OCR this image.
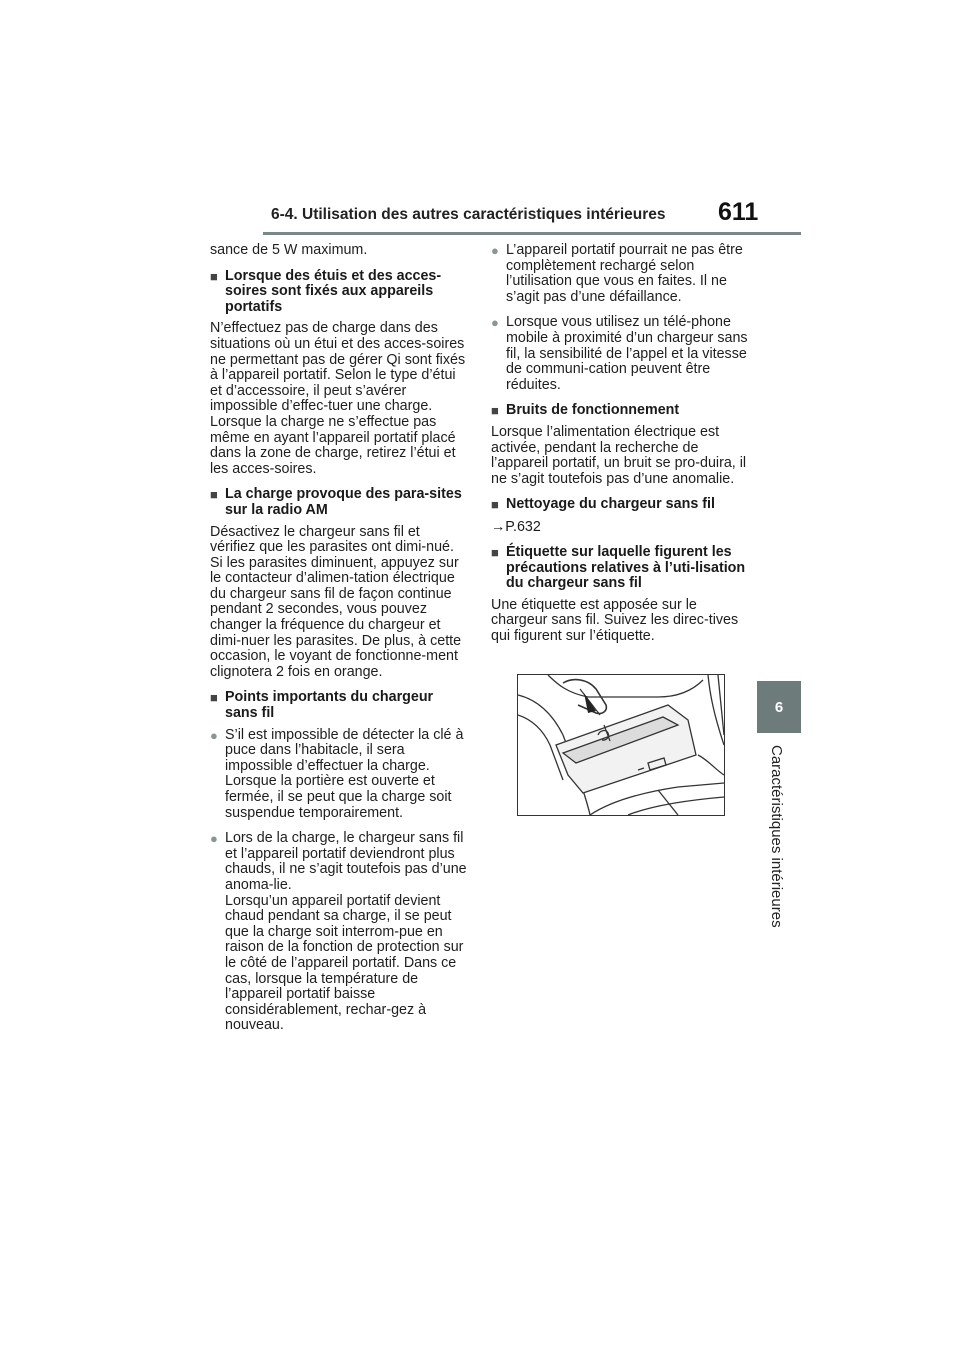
6-4. Utilisation des autres caractéristiques intérieures	611
6
Caractéristiques intérieures

sance de 5 W maximum.

■ Lorsque des étuis et des acces-soires sont fixés aux appareils portatifs

N’effectuez pas de charge dans des situations où un étui et des acces-soires ne permettant pas de gérer Qi sont fixés à l’appareil portatif. Selon le type d’étui et d’accessoire, il peut s’avérer impossible d’effec-tuer une charge. Lorsque la charge ne s’effectue pas même en ayant l’appareil portatif placé dans la zone de charge, retirez l’étui et les acces-soires.

■ La charge provoque des para-sites sur la radio AM

Désactivez le chargeur sans fil et vérifiez que les parasites ont dimi-nué. Si les parasites diminuent, appuyez sur le contacteur d’alimen-tation électrique du chargeur sans fil de façon continue pendant 2 secondes, vous pouvez changer la fréquence du chargeur et dimi-nuer les parasites. De plus, à cette occasion, le voyant de fonctionne-ment clignotera 2 fois en orange.

■ Points importants du chargeur sans fil
● S’il est impossible de détecter la clé à puce dans l’habitacle, il sera impossible d’effectuer la charge. Lorsque la portière est ouverte et fermée, il se peut que la charge soit suspendue temporairement.
● Lors de la charge, le chargeur sans fil et l’appareil portatif deviendront plus chauds, il ne s’agit toutefois pas d’une anoma-lie.
Lorsqu’un appareil portatif devient chaud pendant sa charge, il se peut que la charge soit interrom-pue en raison de la fonction de protection sur le côté de l’appareil portatif. Dans ce cas, lorsque la température de l’appareil portatif baisse considérablement, rechar-gez à nouveau.
● L’appareil portatif pourrait ne pas être complètement rechargé selon l’utilisation que vous en faites. Il ne s’agit pas d’une défaillance.
● Lorsque vous utilisez un télé-phone mobile à proximité d’un chargeur sans fil, la sensibilité de l’appel et la vitesse de communi-cation peuvent être réduites.
■ Bruits de fonctionnement

Lorsque l’alimentation électrique est activée, pendant la recherche de l’appareil portatif, un bruit se pro-duira, il ne s’agit toutefois pas d’une anomalie.

■ Nettoyage du chargeur sans fil
→P.632
■ Étiquette sur laquelle figurent les précautions relatives à l’uti-lisation du chargeur sans fil

Une étiquette est apposée sur le chargeur sans fil. Suivez les direc-tives qui figurent sur l’étiquette.
